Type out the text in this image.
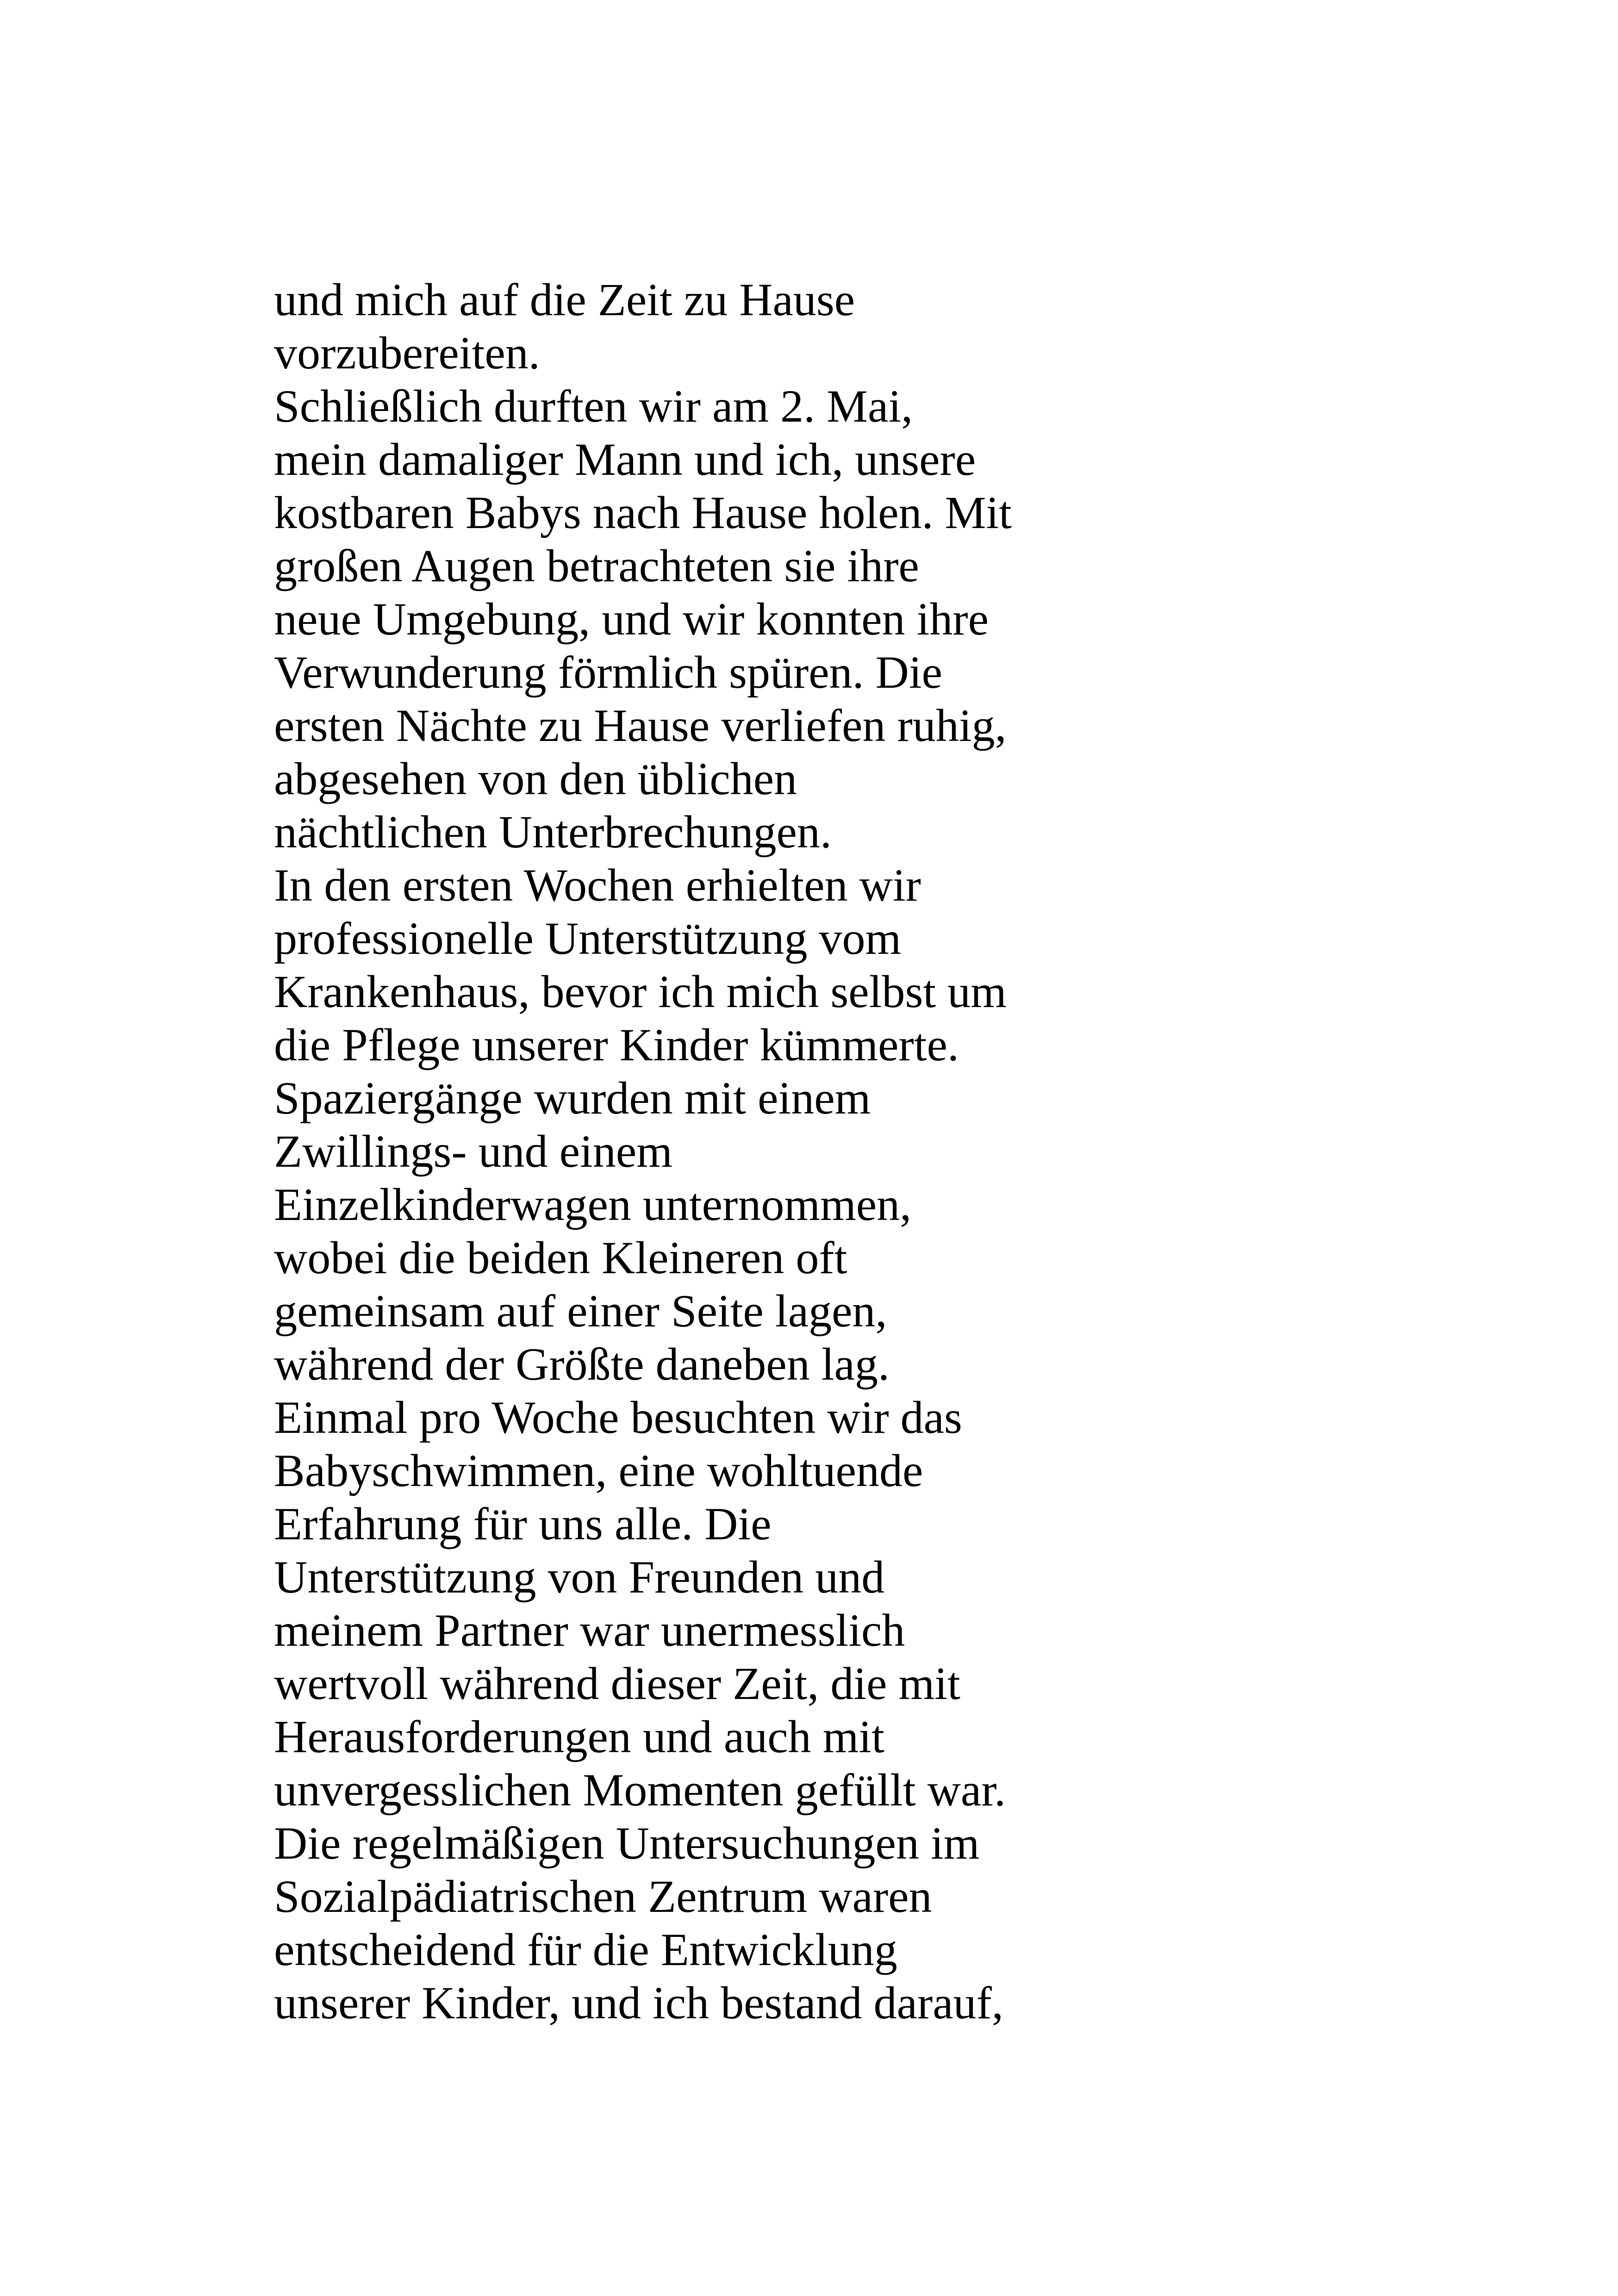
und mich auf die Zeit zu Hause
vorzubereiten.
Schließlich durften wir am 2. Mai,
mein damaliger Mann und ich, unsere
kostbaren Babys nach Hause holen. Mit
großen Augen betrachteten sie ihre
neue Umgebung, und wir konnten ihre
Verwunderung förmlich spüren. Die
ersten Nächte zu Hause verliefen ruhig,
abgesehen von den üblichen
nächtlichen Unterbrechungen.
In den ersten Wochen erhielten wir
professionelle Unterstützung vom
Krankenhaus, bevor ich mich selbst um
die Pflege unserer Kinder kümmerte.
Spaziergänge wurden mit einem
Zwillings- und einem
Einzelkinderwagen unternommen,
wobei die beiden Kleineren oft
gemeinsam auf einer Seite lagen,
während der Größte daneben lag.
Einmal pro Woche besuchten wir das
Babyschwimmen, eine wohltuende
Erfahrung für uns alle. Die
Unterstützung von Freunden und
meinem Partner war unermesslich
wertvoll während dieser Zeit, die mit
Herausforderungen und auch mit
unvergesslichen Momenten gefüllt war.
Die regelmäßigen Untersuchungen im
Sozialpädiatrischen Zentrum waren
entscheidend für die Entwicklung
unserer Kinder, und ich bestand darauf,
